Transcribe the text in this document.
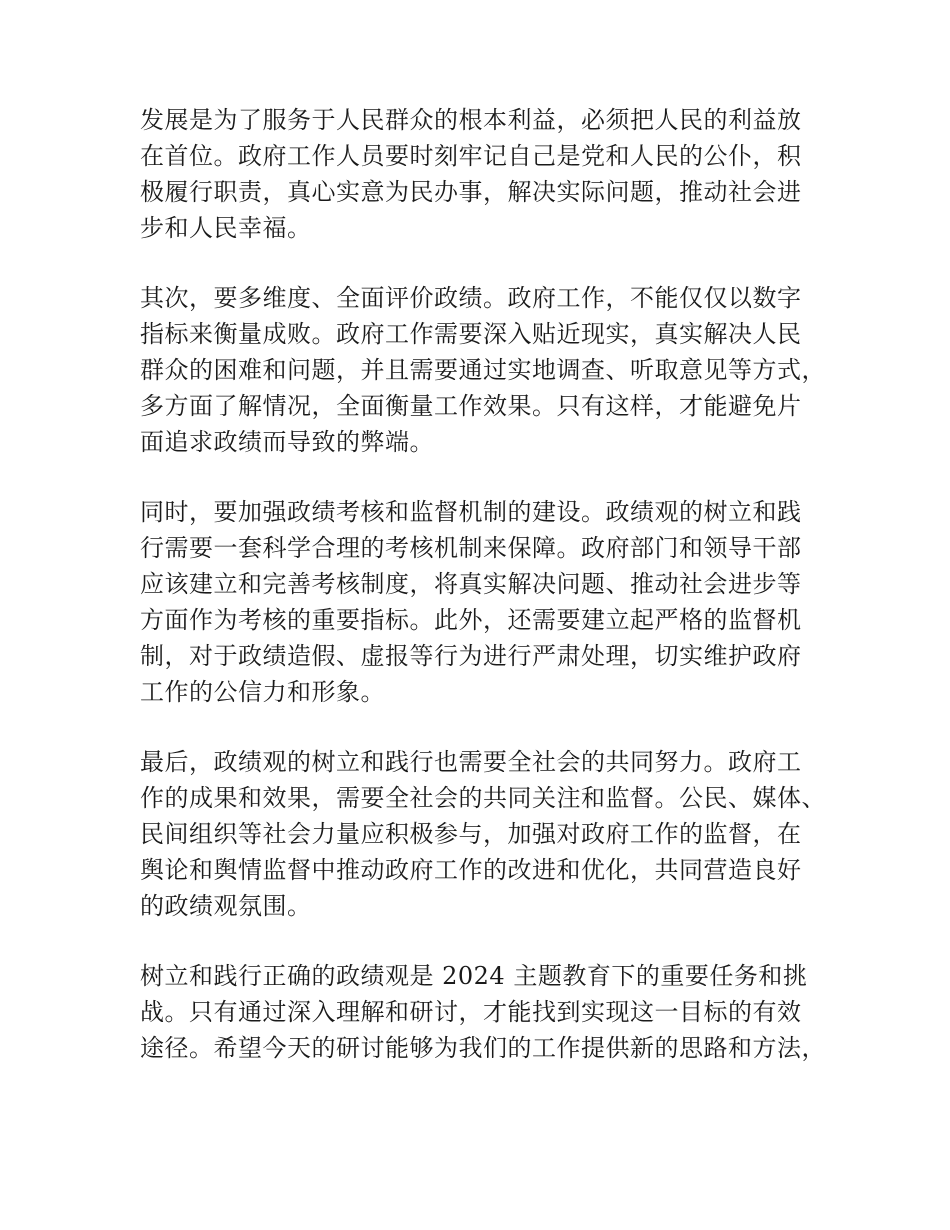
发展是为了服务于人民群众的根本利益，必须把人民的利益放
在首位。政府工作人员要时刻牢记自己是党和人民的公仆，积
极履行职责，真心实意为民办事，解决实际问题，推动社会进
步和人民幸福。

其次，要多维度、全面评价政绩。政府工作，不能仅仅以数字
指标来衡量成败。政府工作需要深入贴近现实，真实解决人民
群众的困难和问题，并且需要通过实地调查、听取意见等方式，
多方面了解情况，全面衡量工作效果。只有这样，才能避免片
面追求政绩而导致的弊端。

同时，要加强政绩考核和监督机制的建设。政绩观的树立和践
行需要一套科学合理的考核机制来保障。政府部门和领导干部
应该建立和完善考核制度，将真实解决问题、推动社会进步等
方面作为考核的重要指标。此外，还需要建立起严格的监督机
制，对于政绩造假、虚报等行为进行严肃处理，切实维护政府
工作的公信力和形象。

最后，政绩观的树立和践行也需要全社会的共同努力。政府工
作的成果和效果，需要全社会的共同关注和监督。公民、媒体、
民间组织等社会力量应积极参与，加强对政府工作的监督，在
舆论和舆情监督中推动政府工作的改进和优化，共同营造良好
的政绩观氛围。

树立和践行正确的政绩观是 2024 主题教育下的重要任务和挑
战。只有通过深入理解和研讨，才能找到实现这一目标的有效
途径。希望今天的研讨能够为我们的工作提供新的思路和方法，
